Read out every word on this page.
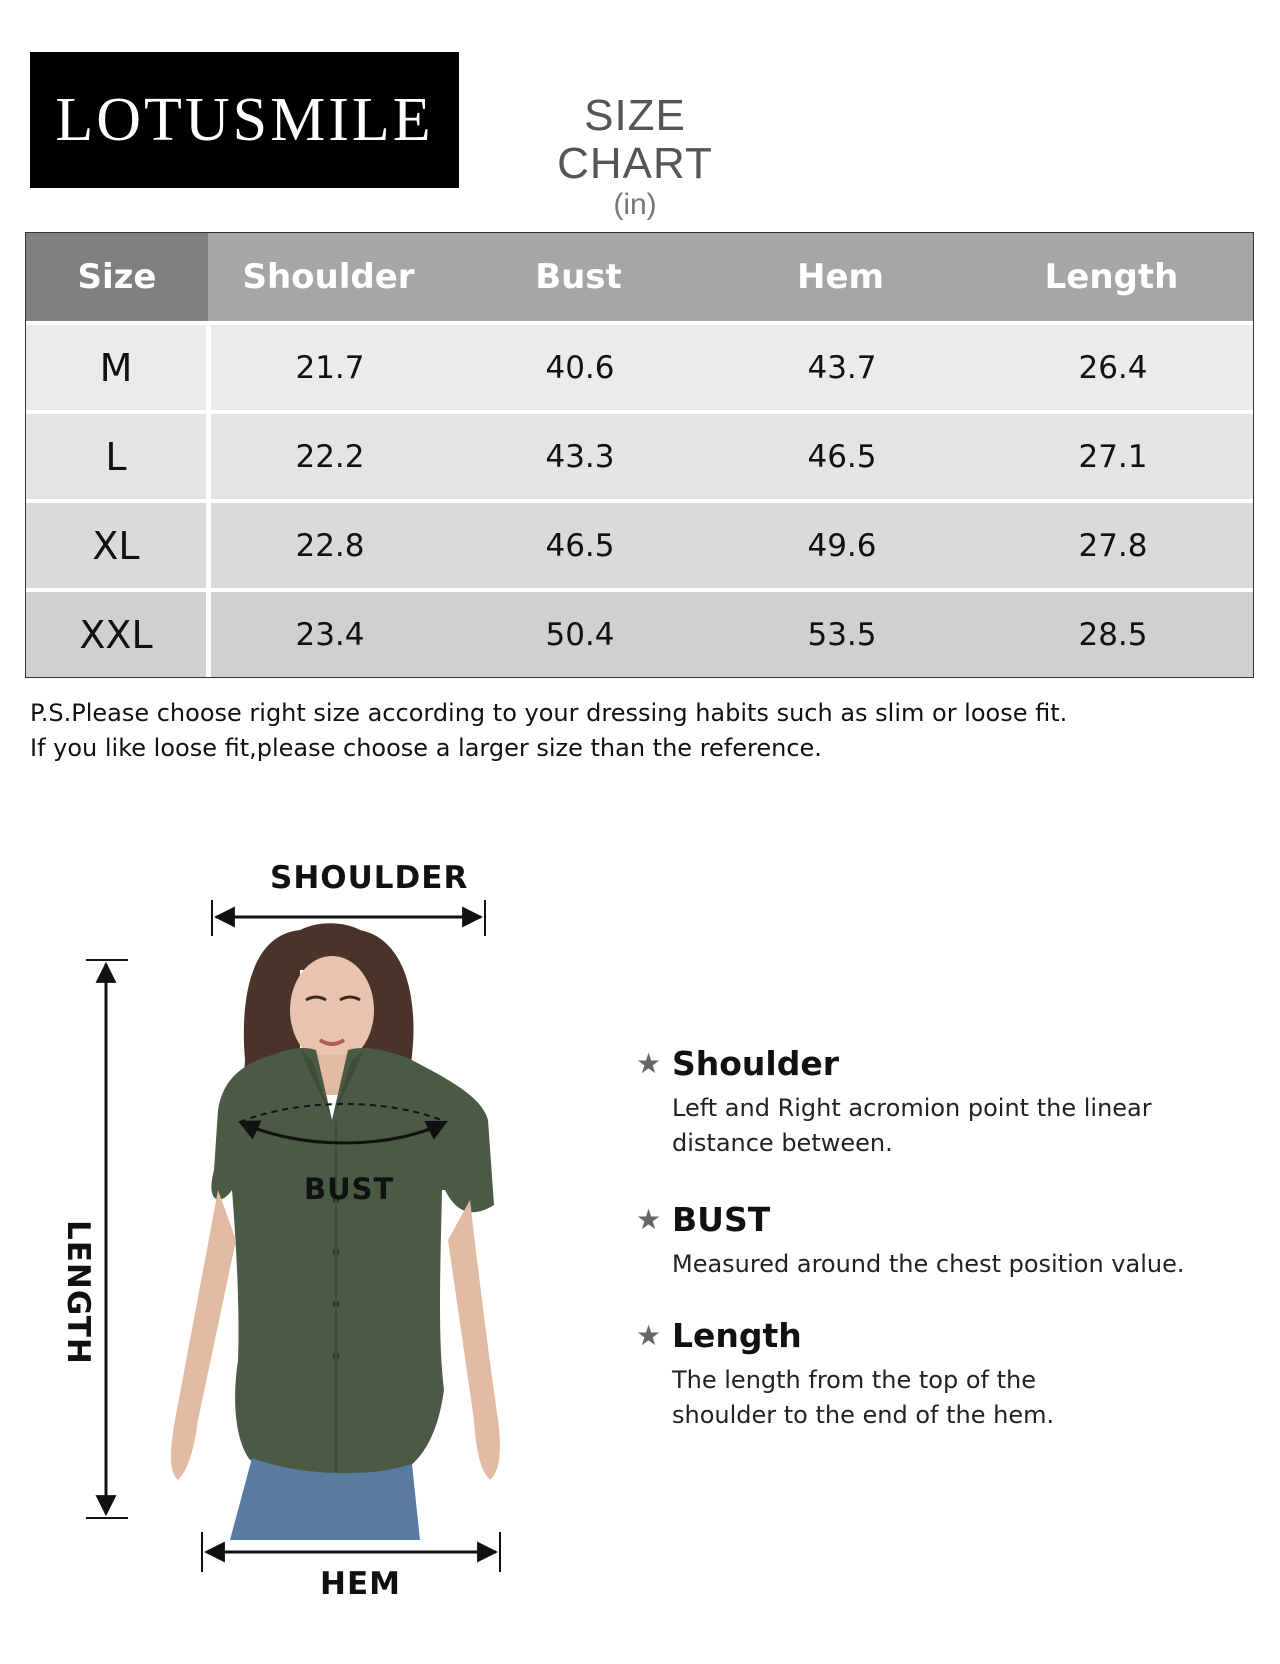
LOTUSMILE	SIZE CHART
(in)
Size	Shoulder	Bust	Hem	Length
M	21.7	40.6	43.7	26.4
L	22.2	43.3	46.5	27.1
XL	22.8	46.5	49.6	27.8
XXL	23.4	50.4	53.5	28.5
P.S.Please choose right size according to your dressing habits such as slim or loose fit.
If you like loose fit,please choose a larger size than the reference.
SHOULDER
BUST
LENGTH
HEM
★ Shoulder
Left and Right acromion point the linear distance between.
★ BUST
Measured around the chest position value.
★ Length
The length from the top of the shoulder to the end of the hem.
